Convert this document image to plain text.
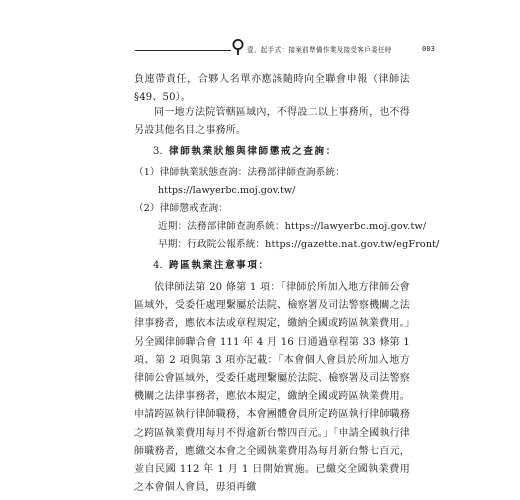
壹、起手式：接案前準備作業及接受客戶委任時	003
負連帶責任，合夥人名單亦應該隨時向全聯會申報（律師法§49、50）。
同一地方法院管轄區域內，不得設二以上事務所，也不得另設其他名目之事務所。
3. 律師執業狀態與律師懲戒之查詢：
（1）律師執業狀態查詢：法務部律師查詢系統：
https://lawyerbc.moj.gov.tw/
（2）律師懲戒查詢：
近期：法務部律師查詢系統：https://lawyerbc.moj.gov.tw/
早期：行政院公報系統：https://gazette.nat.gov.tw/egFront/
4. 跨區執業注意事項：
依律師法第 20 條第 1 項：「律師於所加入地方律師公會區域外，受委任處理繫屬於法院、檢察署及司法警察機關之法律事務者，應依本法或章程規定，繳納全國或跨區執業費用。」另全國律師聯合會 111 年 4 月 16 日通過章程第 33 條第 1 項、第 2 項與第 3 項亦記載：「本會個人會員於所加入地方律師公會區域外，受委任處理繫屬於法院、檢察署及司法警察機關之法律事務者，應依本規定，繳納全國或跨區執業費用。申請跨區執行律師職務，本會團體會員所定跨區執行律師職務之跨區執業費用每月不得逾新台幣四百元。」「申請全國執行律師職務者，應繳交本會之全國執業費用為每月新台幣七百元，並自民國 112 年 1 月 1 日開始實施。已繳交全國執業費用之本會個人會員，毋須再繳
